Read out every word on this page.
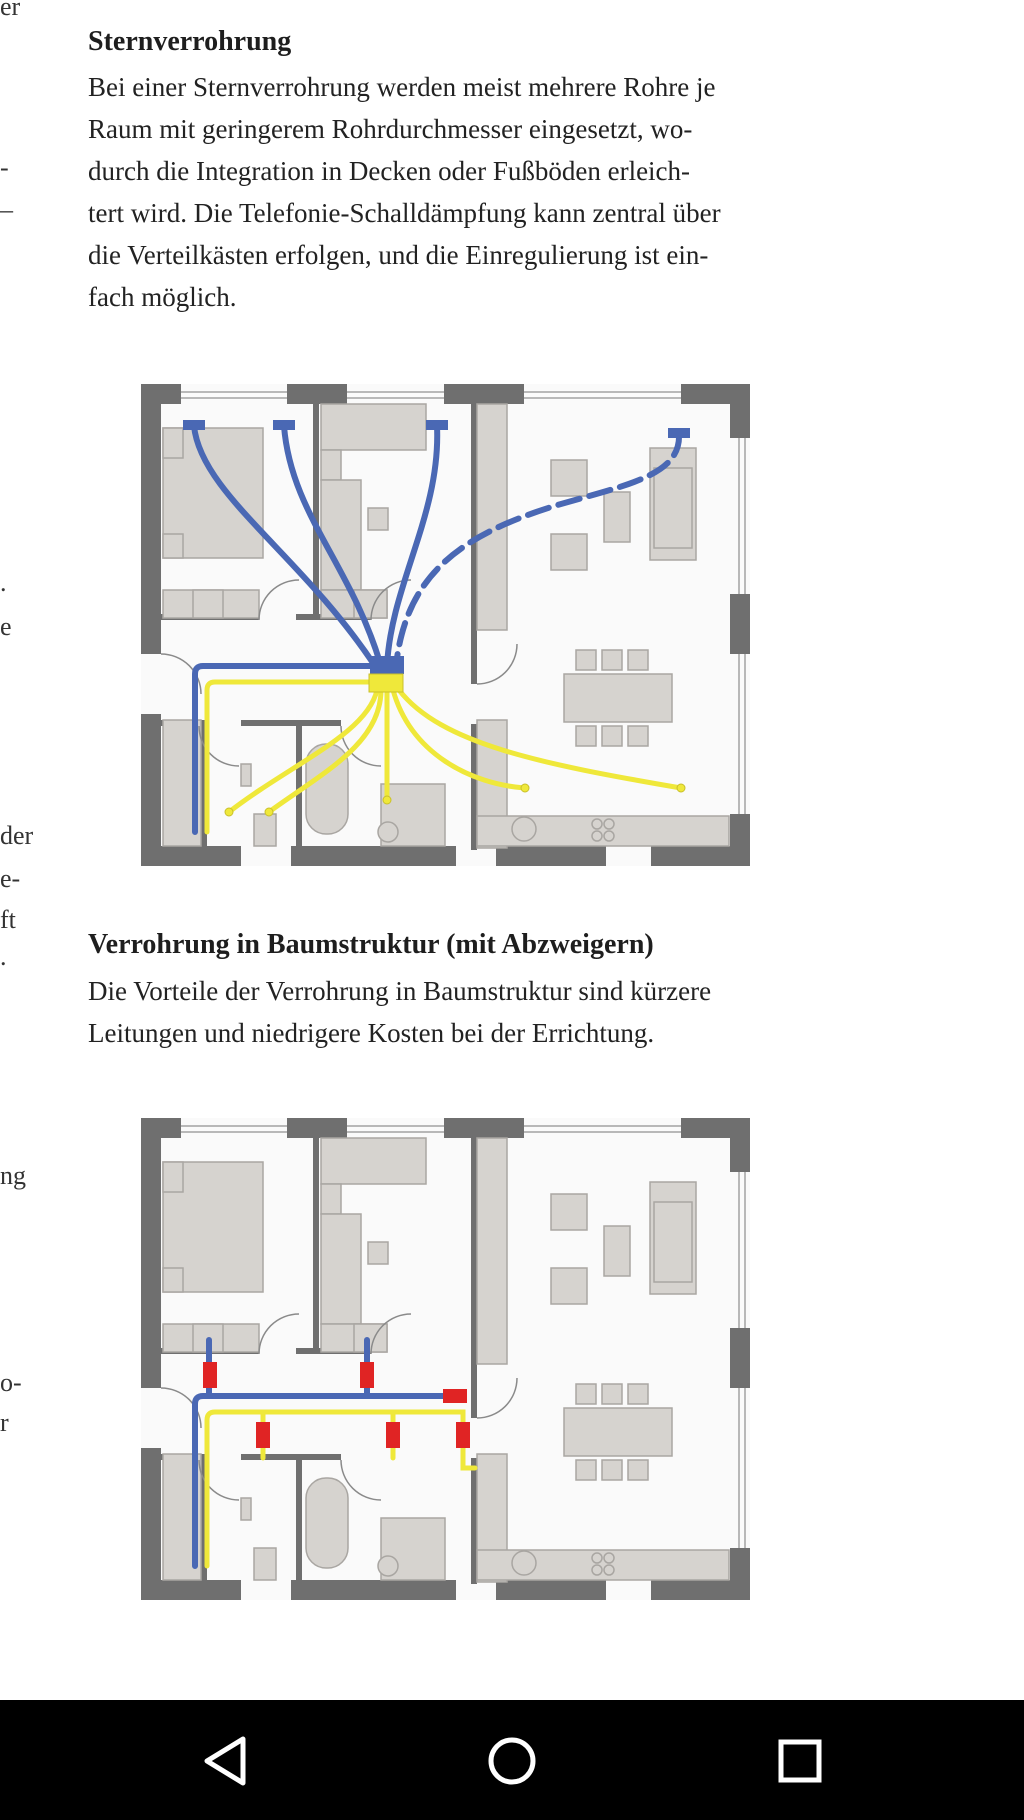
er
-
–
.
e
der
e-
ft
.
ng
o-
r
Sternverrohrung
Bei einer Sternverrohrung werden meist mehrere Rohre je
Raum mit geringerem Rohrdurchmesser eingesetzt, wo-
durch die Integration in Decken oder Fußböden erleich-
tert wird. Die Telefonie-Schalldämpfung kann zentral über
die Verteilkästen erfolgen, und die Einregulierung ist ein-
fach möglich.
Verrohrung in Baumstruktur (mit Abzweigern)
Die Vorteile der Verrohrung in Baumstruktur sind kürzere
Leitungen und niedrigere Kosten bei der Errichtung.
